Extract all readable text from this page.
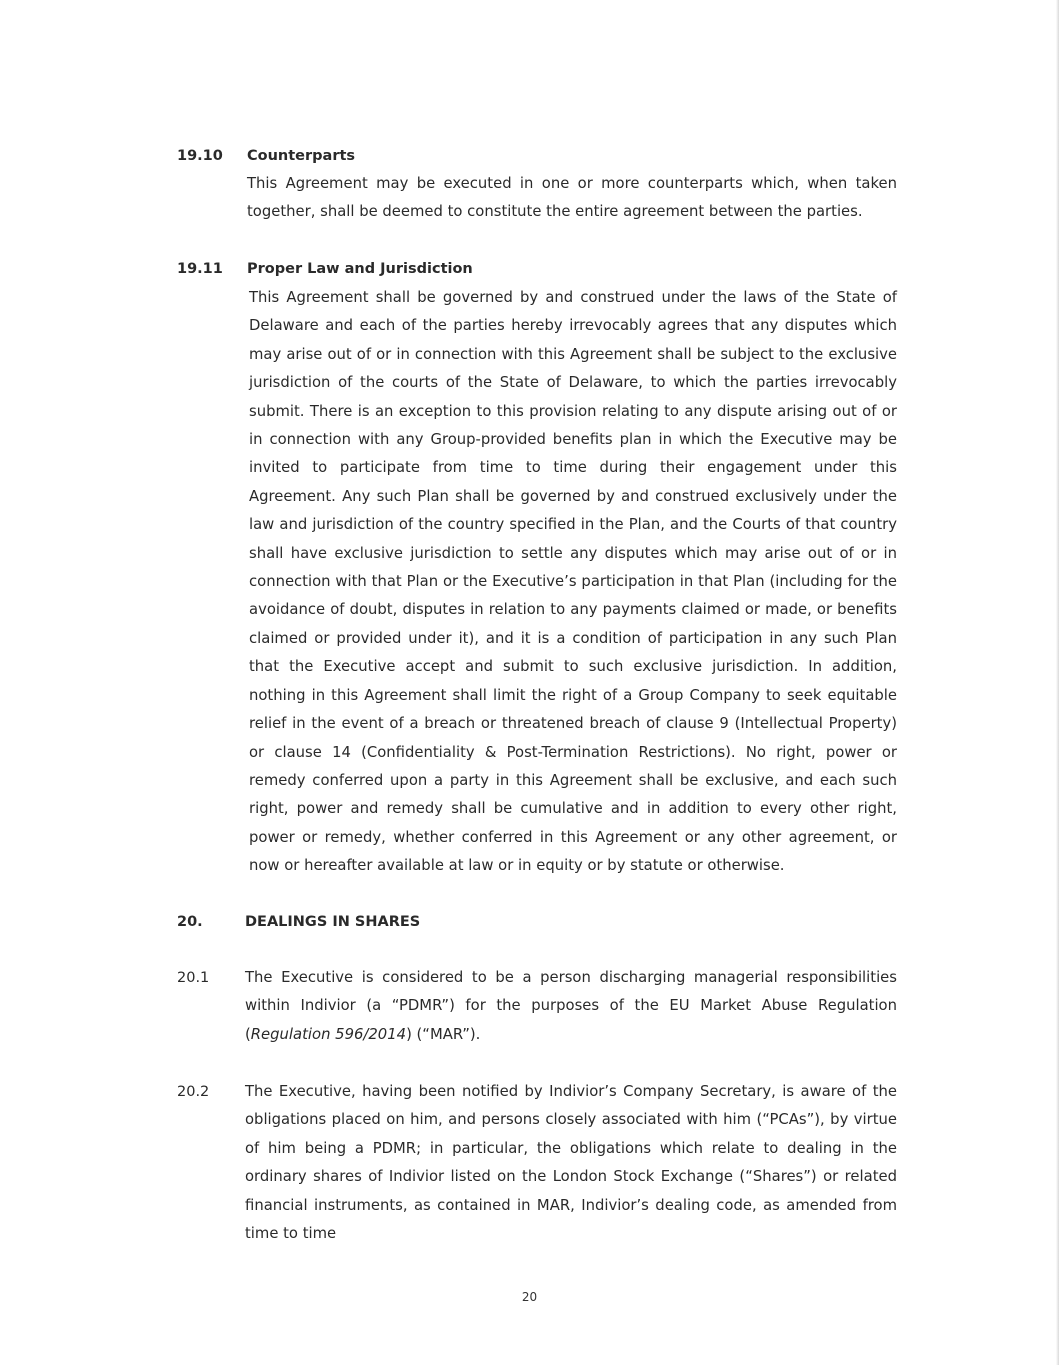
19.10 Counterparts

This Agreement may be executed in one or more counterparts which, when taken together, shall be deemed to constitute the entire agreement between the parties.

19.11 Proper Law and Jurisdiction

This Agreement shall be governed by and construed under the laws of the State of Delaware and each of the parties hereby irrevocably agrees that any disputes which may arise out of or in connection with this Agreement shall be subject to the exclusive jurisdiction of the courts of the State of Delaware, to which the parties irrevocably submit. There is an exception to this provision relating to any dispute arising out of or in connection with any Group-provided benefits plan in which the Executive may be invited to participate from time to time during their engagement under this Agreement. Any such Plan shall be governed by and construed exclusively under the law and jurisdiction of the country specified in the Plan, and the Courts of that country shall have exclusive jurisdiction to settle any disputes which may arise out of or in connection with that Plan or the Executive’s participation in that Plan (including for the avoidance of doubt, disputes in relation to any payments claimed or made, or benefits claimed or provided under it), and it is a condition of participation in any such Plan that the Executive accept and submit to such exclusive jurisdiction. In addition, nothing in this Agreement shall limit the right of a Group Company to seek equitable relief in the event of a breach or threatened breach of clause 9 (Intellectual Property) or clause 14 (Confidentiality & Post-Termination Restrictions). No right, power or remedy conferred upon a party in this Agreement shall be exclusive, and each such right, power and remedy shall be cumulative and in addition to every other right, power or remedy, whether conferred in this Agreement or any other agreement, or now or hereafter available at law or in equity or by statute or otherwise.

20.	DEALINGS IN SHARES
20.1 The Executive is considered to be a person discharging managerial responsibilities within Indivior (a “PDMR”) for the purposes of the EU Market Abuse Regulation (Regulation 596/2014) (“MAR”).

20.2 The Executive, having been notified by Indivior’s Company Secretary, is aware of the obligations placed on him, and persons closely associated with him (“PCAs”), by virtue of him being a PDMR; in particular, the obligations which relate to dealing in the ordinary shares of Indivior listed on the London Stock Exchange (“Shares”) or related financial instruments, as contained in MAR, Indivior’s dealing code, as amended from time to time

20
